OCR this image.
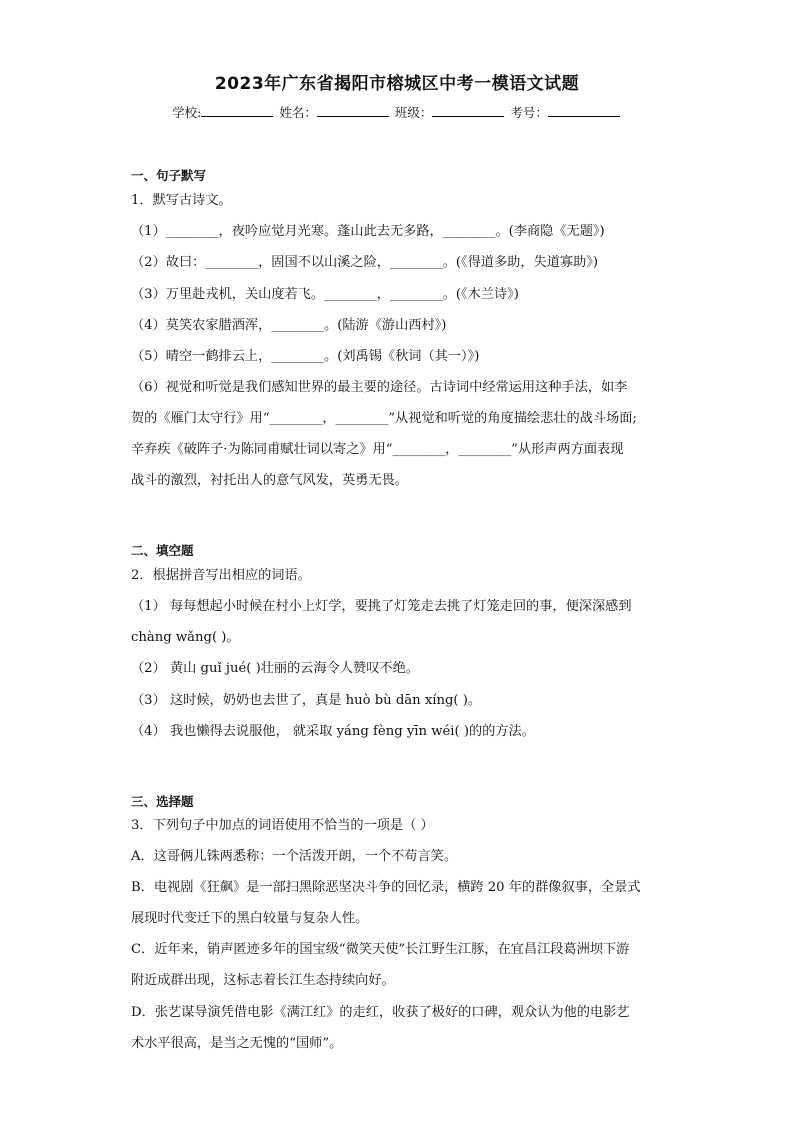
2023年广东省揭阳市榕城区中考一模语文试题
学校:	姓名：	班级：	考号：
一、句子默写
1．默写古诗文。
（1）________，夜吟应觉月光寒。蓬山此去无多路，________。(李商隐《无题》)
（2）故曰：________，固国不以山溪之险，________。(《得道多助，失道寡助》)
（3）万里赴戎机，关山度若飞。________，________。(《木兰诗》)
（4）莫笑农家腊酒浑，________。(陆游《游山西村》)
（5）晴空一鹤排云上，________。(刘禹锡《秋词（其一）》)
（6）视觉和听觉是我们感知世界的最主要的途径。古诗词中经常运用这种手法，如李
贺的《雁门太守行》用“________，________”从视觉和听觉的角度描绘悲壮的战斗场面;
辛弃疾《破阵子·为陈同甫赋壮词以寄之》用“________，________”从形声两方面表现
战斗的激烈，衬托出人的意气风发，英勇无畏。
二、填空题
2．根据拼音写出相应的词语。
（1） 每每想起小时候在村小上灯学，要挑了灯笼走去挑了灯笼走回的事，便深深感到
chàng wǎng( )。
（2） 黄山 guǐ jué( )壮丽的云海令人赞叹不绝。
（3） 这时候，奶奶也去世了，真是 huò bù dān xíng( )。
（4） 我也懒得去说服他， 就采取 yáng fèng yīn wéi( )的的方法。
三、选择题
3．下列句子中加点的词语使用不恰当的一项是（ ）
A．这哥俩儿铢两悉称：一个活泼开朗，一个不苟言笑。
B．电视剧《狂飙》是一部扫黑除恶坚决斗争的回忆录，横跨 20 年的群像叙事，全景式
展现时代变迁下的黑白较量与复杂人性。
C．近年来，销声匿迹多年的国宝级“微笑天使”长江野生江豚，在宜昌江段葛洲坝下游
附近成群出现，这标志着长江生态持续向好。
D．张艺谋导演凭借电影《满江红》的走红，收获了极好的口碑，观众认为他的电影艺
术水平很高，是当之无愧的“国师”。
